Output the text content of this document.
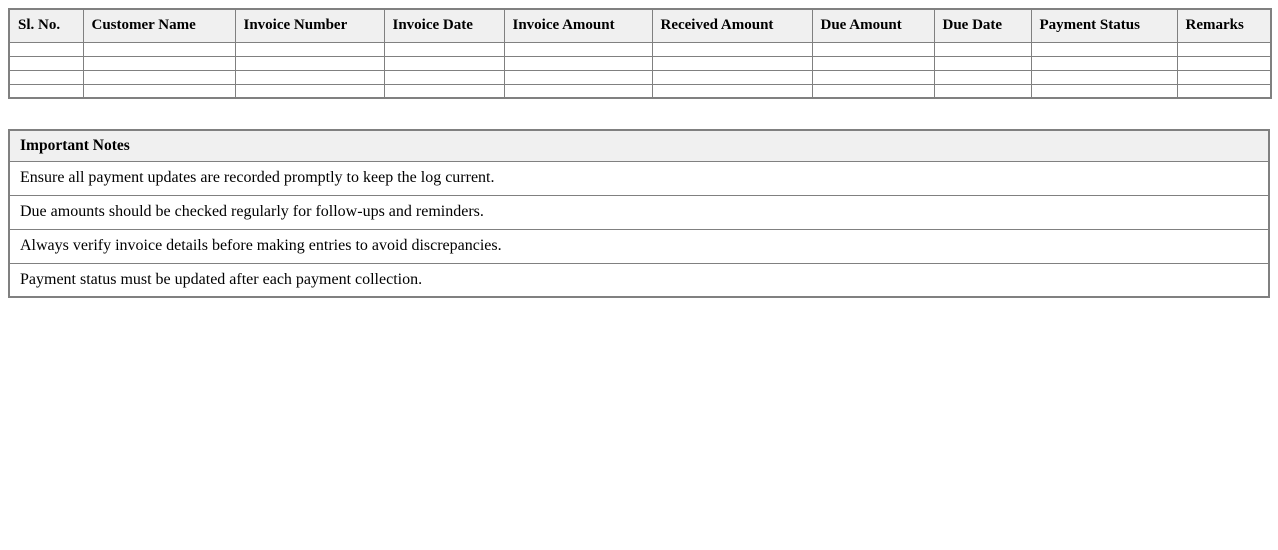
Sl. No.	Customer Name	Invoice Number	Invoice Date	Invoice Amount	Received Amount	Due Amount	Due Date	Payment Status	Remarks

Important Notes
Ensure all payment updates are recorded promptly to keep the log current.
Due amounts should be checked regularly for follow-ups and reminders.
Always verify invoice details before making entries to avoid discrepancies.
Payment status must be updated after each payment collection.
